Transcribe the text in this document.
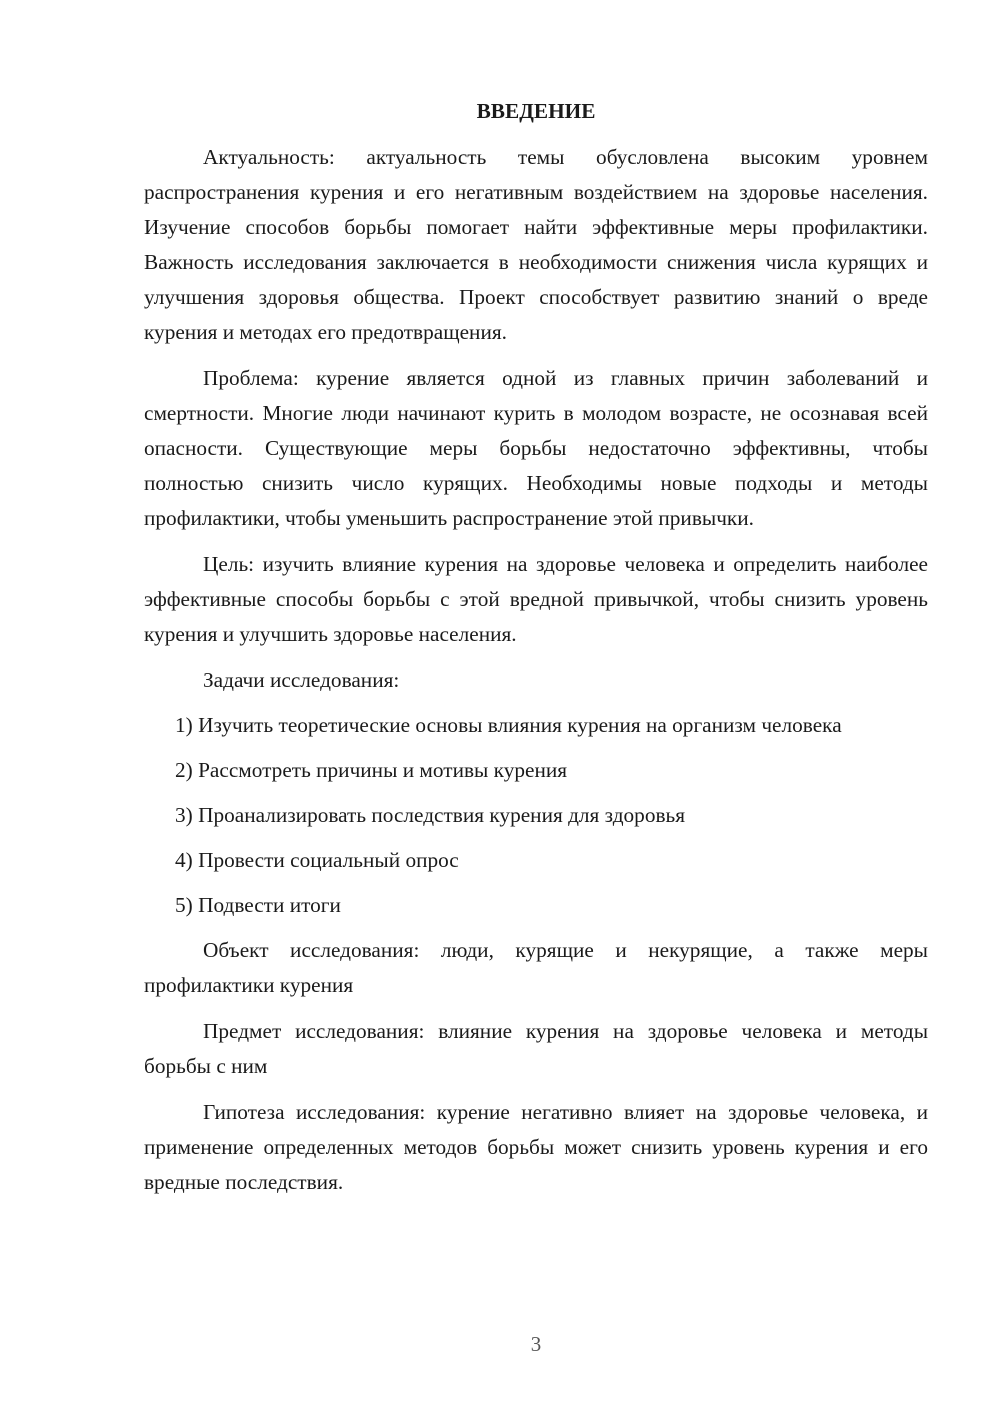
ВВЕДЕНИЕ

Актуальность: актуальность темы обусловлена высоким уровнем распространения курения и его негативным воздействием на здоровье населения. Изучение способов борьбы помогает найти эффективные меры профилактики. Важность исследования заключается в необходимости снижения числа курящих и улучшения здоровья общества. Проект способствует развитию знаний о вреде курения и методах его предотвращения.

Проблема: курение является одной из главных причин заболеваний и смертности. Многие люди начинают курить в молодом возрасте, не осознавая всей опасности. Существующие меры борьбы недостаточно эффективны, чтобы полностью снизить число курящих. Необходимы новые подходы и методы профилактики, чтобы уменьшить распространение этой привычки.

Цель: изучить влияние курения на здоровье человека и определить наиболее эффективные способы борьбы с этой вредной привычкой, чтобы снизить уровень курения и улучшить здоровье населения.

Задачи исследования:

1) Изучить теоретические основы влияния курения на организм человека

2) Рассмотреть причины и мотивы курения

3) Проанализировать последствия курения для здоровья

4) Провести социальный опрос

5) Подвести итоги

Объект исследования: люди, курящие и некурящие, а также меры профилактики курения

Предмет исследования: влияние курения на здоровье человека и методы борьбы с ним

Гипотеза исследования: курение негативно влияет на здоровье человека, и применение определенных методов борьбы может снизить уровень курения и его вредные последствия.

3
